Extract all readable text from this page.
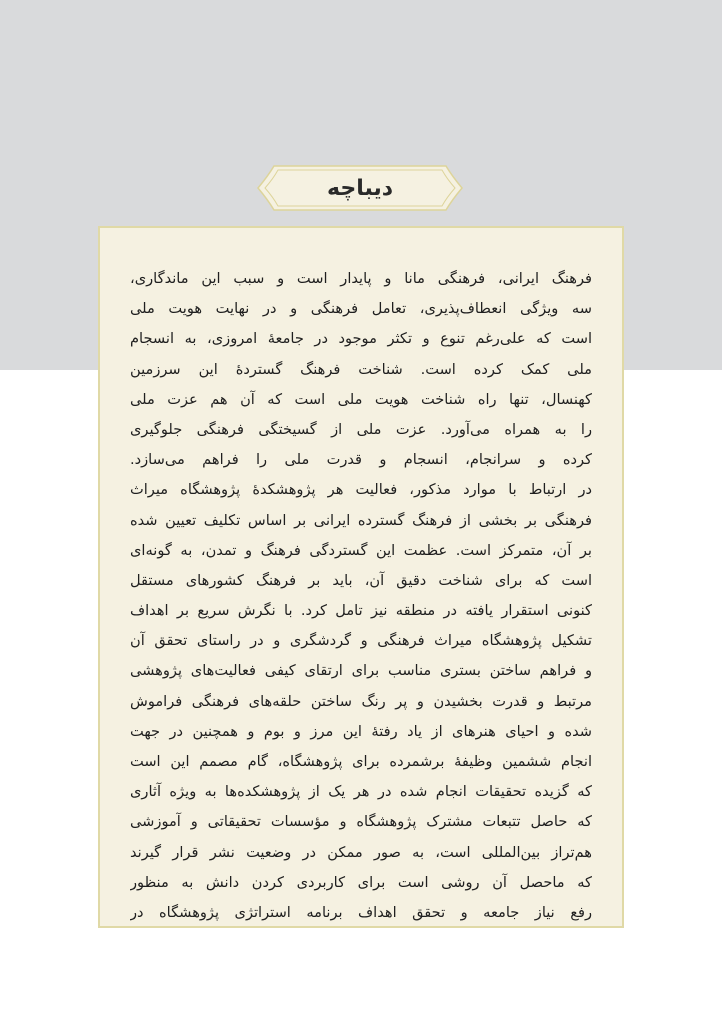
دیباچه
فرهنگ ایرانی، فرهنگی مانا و پایدار است و سبب این ماندگاری،
سه ویژگی انعطاف‌پذیری، تعامل فرهنگی و در نهایت هویت ملی
است که علی‌رغم تنوع و تکثر موجود در جامعهٔ امروزی، به انسجام
ملی کمک کرده است. شناخت فرهنگ گستردهٔ این سرزمین
کهنسال، تنها راه شناخت هویت ملی است که آن هم عزت ملی
را به همراه می‌آورد. عزت ملی از گسیختگی فرهنگی جلوگیری
کرده و سرانجام، انسجام و قدرت ملی را فراهم می‌سازد.
در ارتباط با موارد مذکور، فعالیت هر پژوهشکدهٔ پژوهشگاه میراث
فرهنگی بر بخشی از فرهنگ گسترده ایرانی بر اساس تکلیف تعیین شده
بر آن، متمرکز است. عظمت این گستردگی فرهنگ و تمدن، به گونه‌ای
است که برای شناخت دقیق آن، باید بر فرهنگ کشورهای مستقل
کنونی استقرار یافته در منطقه نیز تامل کرد. با نگرش سریع بر اهداف
تشکیل پژوهشگاه میراث فرهنگی و گردشگری و در راستای تحقق آن
و فراهم ساختن بستری مناسب برای ارتقای کیفی فعالیت‌های پژوهشی
مرتبط و قدرت بخشیدن و پر رنگ ساختن حلقه‌های فرهنگی فراموش
شده و احیای هنرهای از یاد رفتهٔ این مرز و بوم و همچنین در جهت
انجام ششمین وظیفهٔ برشمرده برای پژوهشگاه، گام مصمم این است
که گزیده تحقیقات انجام شده در هر یک از پژوهشکده‌ها به ویژه آثاری
که حاصل تتبعات مشترک پژوهشگاه و مؤسسات تحقیقاتی و آموزشی
هم‌تراز بین‌المللی است، به صور ممکن در وضعیت نشر قرار گیرند
که ماحصل آن روشی است برای کاربردی کردن دانش به منظور
رفع نیاز جامعه و تحقق اهداف برنامه استراتژی پژوهشگاه در
